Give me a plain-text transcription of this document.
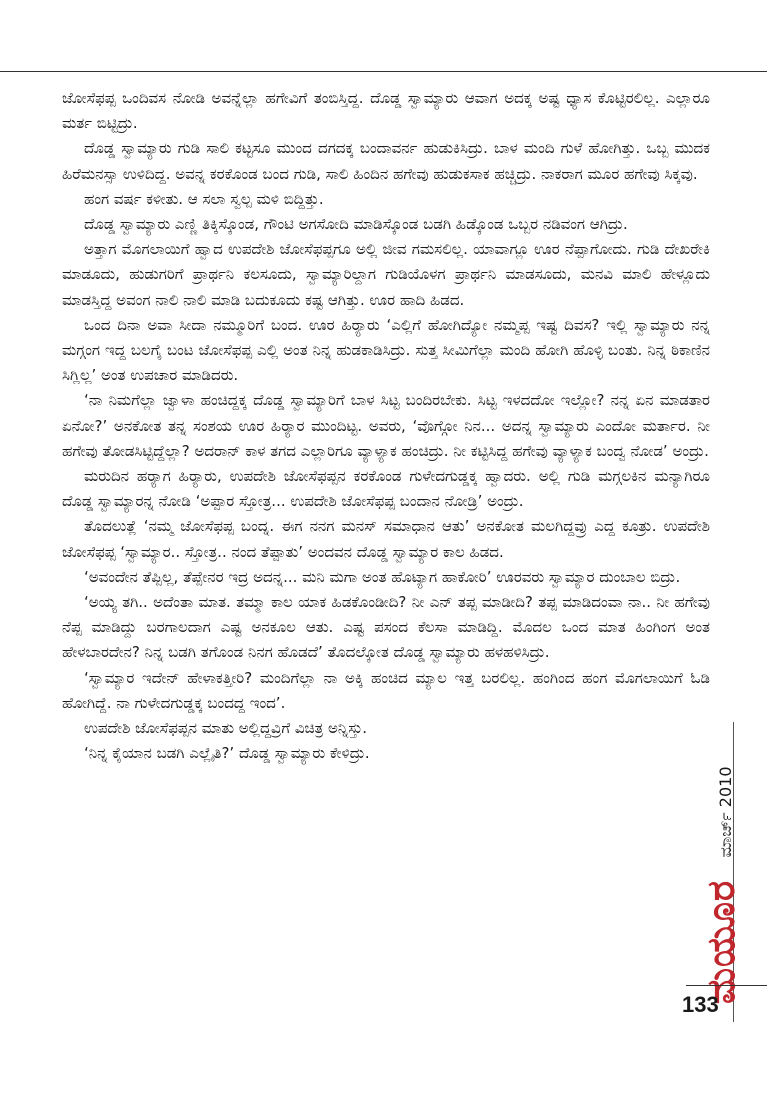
ಜೋಸೆಫಪ್ಪ ಒಂದಿವಸ ನೋಡಿ ಅವನ್ನೆಲ್ಲಾ ಹಗೇವಿಗೆ ತಂಬಿಸ್ತಿದ್ದ. ದೊಡ್ಡ ಸ್ವಾಮ್ಯಾರು ಆವಾಗ ಅದಕ್ಕ ಅಷ್ಟ ಧ್ಯಾಸ ಕೊಟ್ಟಿರಲಿಲ್ಲ. ಎಲ್ಲಾರೂ ಮರ್ತ ಬಿಟ್ಟಿದ್ರು.

ದೊಡ್ಡ ಸ್ವಾಮ್ಯಾರು ಗುಡಿ ಸಾಲಿ ಕಟ್ಟಸೂ ಮುಂದ ದಗದಕ್ಕ ಬಂದಾವರ್ನ ಹುಡುಕಿಸಿದ್ರು. ಬಾಳ ಮಂದಿ ಗುಳೆ ಹೋಗಿತ್ತು. ಒಬ್ಬ ಮುದಕ ಹಿರೆಮನಸ್ಸಾ ಉಳಿದಿದ್ದ. ಅವನ್ನ ಕರಕೊಂಡ ಬಂದ ಗುಡಿ, ಸಾಲಿ ಹಿಂದಿನ ಹಗೇವು ಹುಡುಕಸಾಕ ಹಚ್ಚಿದ್ರು. ನಾಕರಾಗ ಮೂರ ಹಗೇವು ಸಿಕ್ಕವು.

ಹಂಗ ವರ್ಷ ಕಳೀತು. ಆ ಸಲಾ ಸ್ವಲ್ಪ ಮಳಿ ಬಿದ್ದಿತ್ತು.

ದೊಡ್ಡ ಸ್ವಾಮ್ಯಾರು ಎಣ್ಣಿ ತಿಕ್ಕಿಸ್ಕೊಂಡ, ಗೌಂಟಿ ಅಗಸೋದಿ ಮಾಡಿಸ್ಕೊಂಡ ಬಡಗಿ ಹಿಡ್ಕೊಂಡ ಒಬ್ಬರ ನಡಿವಂಗ ಆಗಿದ್ರು.

ಅತ್ತಾಗ ಮೊಗಲಾಯಿಗೆ ಹ್ವಾದ ಉಪದೇಶಿ ಜೋಸೆಫಪ್ಪಗೂ ಅಲ್ಲಿ ಜೀವ ಗಮಸಲಿಲ್ಲ. ಯಾವಾಗ್ಲೂ ಊರ ನೆಪ್ಪಾಗೋದು. ಗುಡಿ ದೇಖರೇಕಿ ಮಾಡೂದು, ಹುಡುಗರಿಗೆ ಪ್ರಾರ್ಥನಿ ಕಲಸೂದು, ಸ್ವಾಮ್ಯಾರಿಲ್ದಾಗ ಗುಡಿಯೊಳಗ ಪ್ರಾರ್ಥನಿ ಮಾಡಸೂದು, ಮನವಿ ಮಾಲಿ ಹೇಳ್ಲೂದು ಮಾಡಸ್ತಿದ್ದ ಅವಂಗ ನಾಲಿ ನಾಲಿ ಮಾಡಿ ಬದುಕೂದು ಕಷ್ಟ ಆಗಿತ್ತು. ಊರ ಹಾದಿ ಹಿಡದ.

ಒಂದ ದಿನಾ ಅವಾ ಸೀದಾ ನಮ್ಮೂರಿಗೆ ಬಂದ. ಊರ ಹಿರ್‍ಯಾರು ‘ಎಲ್ಲಿಗೆ ಹೋಗಿದ್ಯೋ ನಮ್ಮಪ್ಪ ಇಷ್ಟ ದಿವಸ? ಇಲ್ಲಿ ಸ್ವಾಮ್ಯಾರು ನನ್ನ ಮಗ್ಗಂಗ ಇದ್ದ ಬಲಗೈ ಬಂಟ ಜೋಸೆಫಪ್ಪ ಎಲ್ಲಿ ಅಂತ ನಿನ್ನ ಹುಡಕಾಡಿಸಿದ್ರು. ಸುತ್ತ ಸೀಮಿಗೆಲ್ಲಾ ಮಂದಿ ಹೋಗಿ ಹೊಳ್ಳಿ ಬಂತು. ನಿನ್ನ ಠಿಕಾಣಿನ ಸಿಗ್ಲಿಲ್ಲ’ ಅಂತ ಉಪಚಾರ ಮಾಡಿದರು.

‘ನಾ ನಿಮಗೆಲ್ಲಾ ಜ್ವಾಳಾ ಹಂಚಿದ್ದಕ್ಕ ದೊಡ್ಡ ಸ್ವಾಮ್ಯಾರಿಗೆ ಬಾಳ ಸಿಟ್ಟ ಬಂದಿರಬೇಕು. ಸಿಟ್ಟ ಇಳದದೋ ಇಲ್ಲೋ? ನನ್ನ ಏನ ಮಾಡತಾರ ಏನೋ?’ ಅನಕೋತ ತನ್ನ ಸಂಶಯ ಊರ ಹಿರ್‍ಯಾರ ಮುಂದಿಟ್ಟ. ಅವರು, ‘ವೊಗ್ಗೋ ನಿನ... ಅದನ್ನ ಸ್ವಾಮ್ಯಾರು ಎಂದೋ ಮರ್ತಾರ. ನೀ ಹಗೇವು ತೋಡಸಿಟ್ಟಿದ್ದೆಲ್ಲಾ? ಅದರಾನ್ ಕಾಳ ತಗದ ಎಲ್ಲಾರಿಗೂ ವ್ಯಾಳ್ಯಾಕ ಹಂಚಿದ್ರು. ನೀ ಕಟ್ಟಿಸಿದ್ದ ಹಗೇವು ವ್ಯಾಳ್ಯಾಕ ಬಂದ್ವ ನೋಡ’ ಅಂದ್ರು.

ಮರುದಿನ ಹರ್‍ಯಾಗ ಹಿರ್‍ಯಾರು, ಉಪದೇಶಿ ಜೋಸೆಫಪ್ಪನ ಕರಕೊಂಡ ಗುಳೇದಗುಡ್ಡಕ್ಕ ಹ್ವಾದರು. ಅಲ್ಲಿ ಗುಡಿ ಮಗ್ಗಲಕಿನ ಮನ್ಯಾಗಿರೂ ದೊಡ್ಡ ಸ್ವಾಮ್ಯಾರನ್ನ ನೋಡಿ ‘ಅಪ್ಪಾರ ಸ್ತೋತ್ರ... ಉಪದೇಶಿ ಜೋಸೆಫಪ್ಪ ಬಂದಾನ ನೋಡ್ರಿ’ ಅಂದ್ರು.

ತೊದಲುತ್ಲೆ ‘ನಮ್ಮ ಜೋಸೆಫಪ್ಪ ಬಂದ್ನ. ಈಗ ನನಗ ಮನಸ್ ಸಮಾಧಾನ ಆತು’ ಅನಕೋತ ಮಲಗಿದ್ದವ್ರು ಎದ್ದ ಕೂತ್ರು. ಉಪದೇಶಿ ಜೋಸೆಫಪ್ಪ ‘ಸ್ವಾಮ್ಯಾರ.. ಸ್ತೋತ್ರ.. ನಂದ ತೆಪ್ಪಾತು’ ಅಂದವನ ದೊಡ್ಡ ಸ್ವಾಮ್ಯಾರ ಕಾಲ ಹಿಡದ.

‘ಅವಂದೇನ ತೆಪ್ಪಿಲ್ಲ, ತೆಪ್ಪೇನರ ಇದ್ರ ಅದನ್ನ... ಮನಿ ಮಗಾ ಅಂತ ಹೊಟ್ಯಾಗ ಹಾಕೋರಿ’ ಊರವರು ಸ್ವಾಮ್ಯಾರ ದುಂಬಾಲ ಬಿದ್ರು.

‘ಅಯ್ಯ ತಗಿ.. ಅದೆಂತಾ ಮಾತ. ತಮ್ಮಾ ಕಾಲ ಯಾಕ ಹಿಡಕೊಂಡೀದಿ? ನೀ ಎನ್ ತಪ್ಪ ಮಾಡೀದಿ? ತಪ್ಪ ಮಾಡಿದಂವಾ ನಾ.. ನೀ ಹಗೇವು ನೆಪ್ಪ ಮಾಡಿದ್ದು ಬರಗಾಲದಾಗ ಎಷ್ಟ ಅನಕೂಲ ಆತು. ಎಷ್ಟ ಪಸಂದ ಕೆಲಸಾ ಮಾಡಿದ್ದಿ. ಮೊದಲ ಒಂದ ಮಾತ ಹಿಂಗಿಂಗ ಅಂತ ಹೇಳಬಾರದೇನ? ನಿನ್ನ ಬಡಗಿ ತಗೊಂಡ ನಿನಗ ಹೊಡದೆ’ ತೊದಲ್ಕೋತ ದೊಡ್ಡ ಸ್ವಾಮ್ಯಾರು ಹಳಹಳಿಸಿದ್ರು.

‘ಸ್ವಾಮ್ಯಾರ ಇದೇನ್ ಹೇಳಾಕತ್ತೀರಿ? ಮಂದಿಗೆಲ್ಲಾ ನಾ ಅಕ್ಕಿ ಹಂಚಿದ ಮ್ಯಾಲ ಇತ್ತ ಬರಲಿಲ್ಲ. ಹಂಗಿಂದ ಹಂಗ ಮೊಗಲಾಯಿಗೆ ಓಡಿ ಹೋಗಿದ್ದೆ. ನಾ ಗುಳೇದಗುಡ್ಡಕ್ಕ ಬಂದದ್ದ ಇಂದ’.

ಉಪದೇಶಿ ಜೋಸೆಫಪ್ಪನ ಮಾತು ಅಲ್ಲಿದ್ದವ್ರಿಗೆ ವಿಚಿತ್ರ ಅನ್ನಿಸ್ತು.

‘ನಿನ್ನ ಕೈಯಾನ ಬಡಗಿ ಎಲ್ಲೈತಿ?’ ದೊಡ್ಡ ಸ್ವಾಮ್ಯಾರು ಕೇಳಿದ್ರು.

ಮಾರ್ಚ್ 2010
ಮಯೂರ
133
